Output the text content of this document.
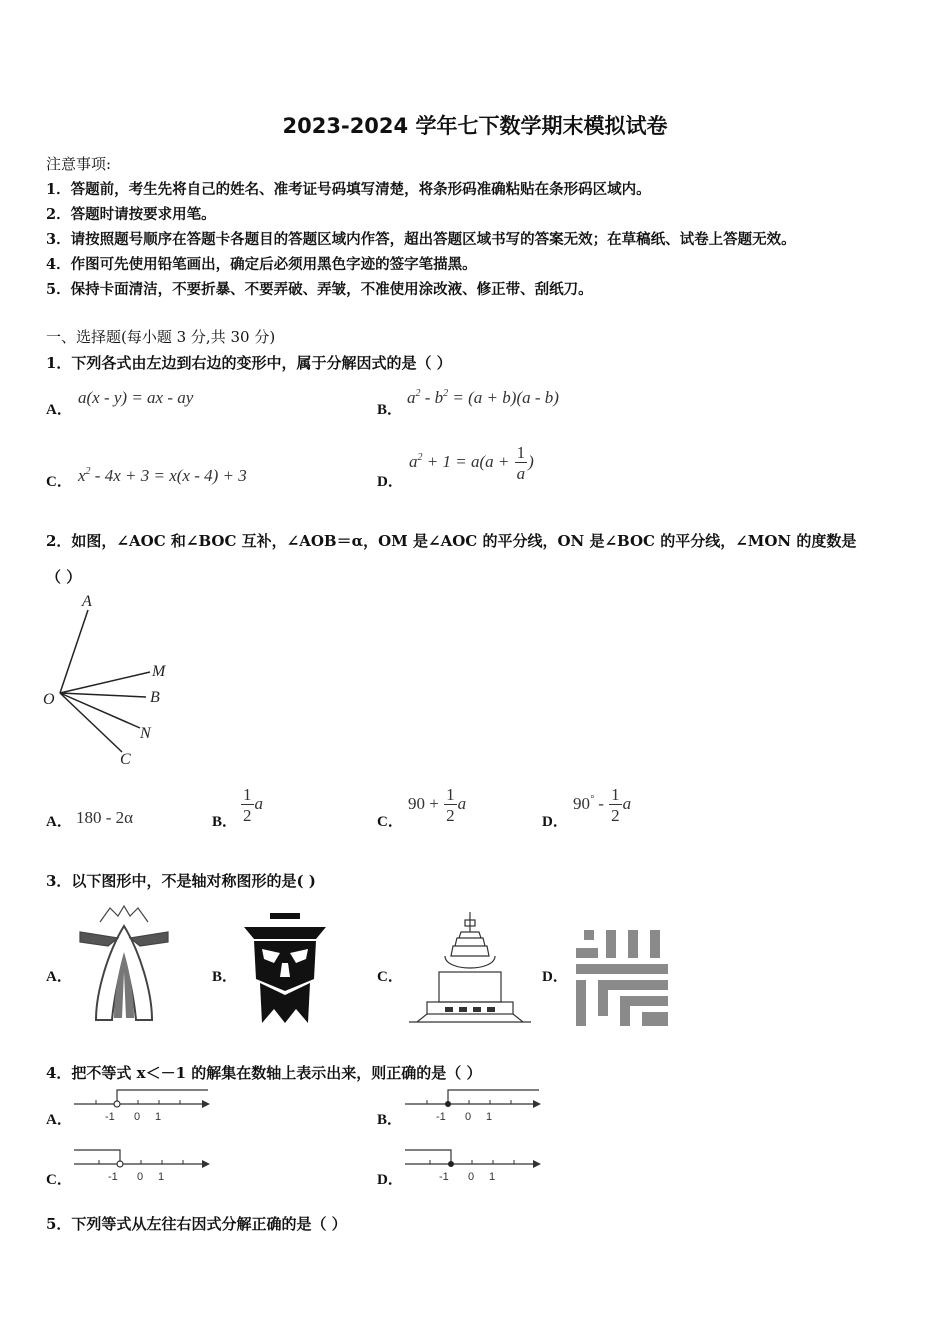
2023-2024 学年七下数学期末模拟试卷
注意事项:
1．答题前，考生先将自己的姓名、准考证号码填写清楚，将条形码准确粘贴在条形码区域内。
2．答题时请按要求用笔。
3．请按照题号顺序在答题卡各题目的答题区域内作答，超出答题区域书写的答案无效；在草稿纸、试卷上答题无效。
4．作图可先使用铅笔画出，确定后必须用黑色字迹的签字笔描黑。
5．保持卡面清洁，不要折暴、不要弄破、弄皱，不准使用涂改液、修正带、刮纸刀。
一、选择题(每小题 3 分,共 30 分)
1．下列各式由左边到右边的变形中，属于分解因式的是（ ）
A．
a(x - y) = ax - ay
B．
$a^2 - b^2 = (a + b)(a - b)$
C． $x^2 - 4x + 3 = x(x - 4) + 3$	D．
$a^2 + 1 = a(a + \frac{1}{a}$ )
2．如图，∠AOC 和∠BOC 互补，∠AOB＝α，OM 是∠AOC 的平分线，ON 是∠BOC 的平分线，∠MON 的度数是
（ ）
A
M
B
O
N
C
A． 180 - 2α	B． $\frac{1}{2}$ a
C．
$90 + \frac{1}{2}$ a
D．
$90^\circ - \frac{1}{2}$ a
3．以下图形中，不是轴对称图形的是( )
A．	B．	C．	D．
4．把不等式 x＜－1 的解集在数轴上表示出来，则正确的是（ ）
A．	-1 0 1	B．	-1 0 1
C．	-1 0 1	D．	-1 0 1
5．下列等式从左往右因式分解正确的是（ ）
